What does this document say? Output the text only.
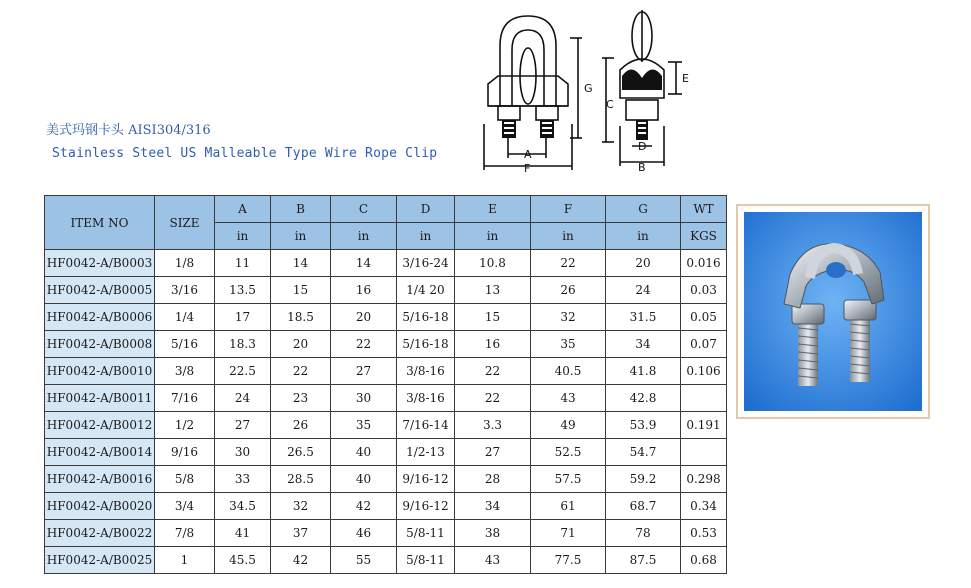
美式玛钢卡头 AISI304/316
Stainless Steel US Malleable Type Wire Rope Clip
G
A
F
E
C
D
B
ITEM NO	SIZE	A	B	C	D	E	F	G	WT
		in	in	in	in	in	in	in	KGS
HF0042-A/B0003	1/8	11	14	14	3/16-24	10.8	22	20	0.016
HF0042-A/B0005	3/16	13.5	15	16	1/4 20	13	26	24	0.03
HF0042-A/B0006	1/4	17	18.5	20	5/16-18	15	32	31.5	0.05
HF0042-A/B0008	5/16	18.3	20	22	5/16-18	16	35	34	0.07
HF0042-A/B0010	3/8	22.5	22	27	3/8-16	22	40.5	41.8	0.106
HF0042-A/B0011	7/16	24	23	30	3/8-16	22	43	42.8	
HF0042-A/B0012	1/2	27	26	35	7/16-14	3.3	49	53.9	0.191
HF0042-A/B0014	9/16	30	26.5	40	1/2-13	27	52.5	54.7	
HF0042-A/B0016	5/8	33	28.5	40	9/16-12	28	57.5	59.2	0.298
HF0042-A/B0020	3/4	34.5	32	42	9/16-12	34	61	68.7	0.34
HF0042-A/B0022	7/8	41	37	46	5/8-11	38	71	78	0.53
HF0042-A/B0025	1	45.5	42	55	5/8-11	43	77.5	87.5	0.68
